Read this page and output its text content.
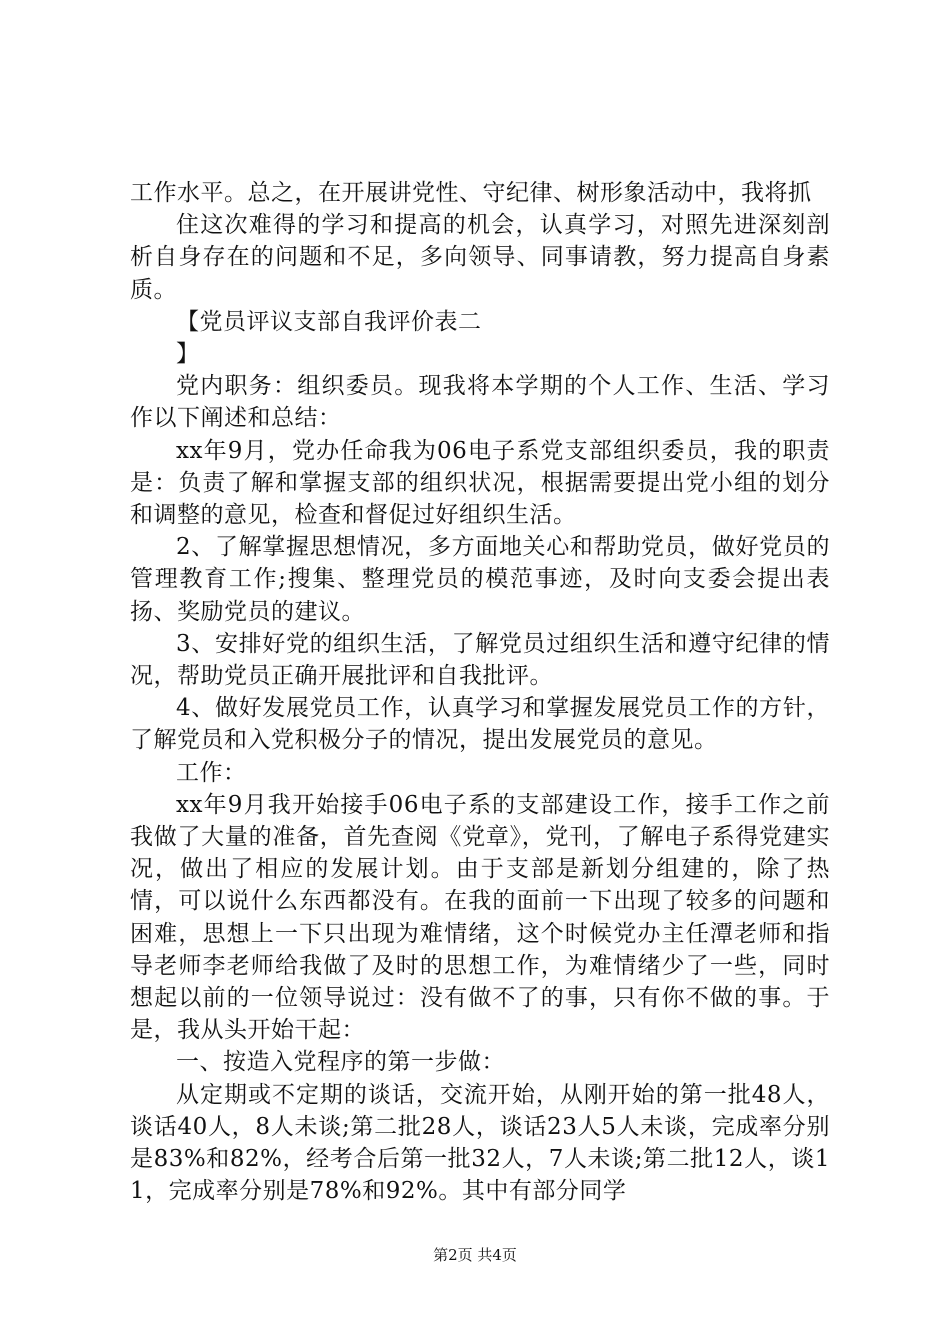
工作水平。总之，在开展讲党性、守纪律、树形象活动中，我将抓

住这次难得的学习和提高的机会，认真学习，对照先进深刻剖析自身存在的问题和不足，多向领导、同事请教，努力提高自身素质。

【党员评议支部自我评价表二

】

党内职务：组织委员。现我将本学期的个人工作、生活、学习作以下阐述和总结：

xx年9月，党办任命我为06电子系党支部组织委员，我的职责是：负责了解和掌握支部的组织状况，根据需要提出党小组的划分和调整的意见，检查和督促过好组织生活。

2、了解掌握思想情况，多方面地关心和帮助党员，做好党员的管理教育工作;搜集、整理党员的模范事迹，及时向支委会提出表扬、奖励党员的建议。

3、安排好党的组织生活，了解党员过组织生活和遵守纪律的情况，帮助党员正确开展批评和自我批评。

4、做好发展党员工作，认真学习和掌握发展党员工作的方针，了解党员和入党积极分子的情况，提出发展党员的意见。

工作：

xx年9月我开始接手06电子系的支部建设工作，接手工作之前我做了大量的准备，首先查阅《党章》，党刊，了解电子系得党建实况，做出了相应的发展计划。由于支部是新划分组建的，除了热情，可以说什么东西都没有。在我的面前一下出现了较多的问题和困难，思想上一下只出现为难情绪，这个时候党办主任潭老师和指导老师李老师给我做了及时的思想工作，为难情绪少了一些，同时想起以前的一位领导说过：没有做不了的事，只有你不做的事。于是，我从头开始干起：

一、按造入党程序的第一步做：

从定期或不定期的谈话，交流开始，从刚开始的第一批48人，谈话40人，8人未谈;第二批28人，谈话23人5人未谈，完成率分别是83%和82%，经考合后第一批32人，7人未谈;第二批12人，谈11，完成率分别是78%和92%。其中有部分同学

第2页 共4页
